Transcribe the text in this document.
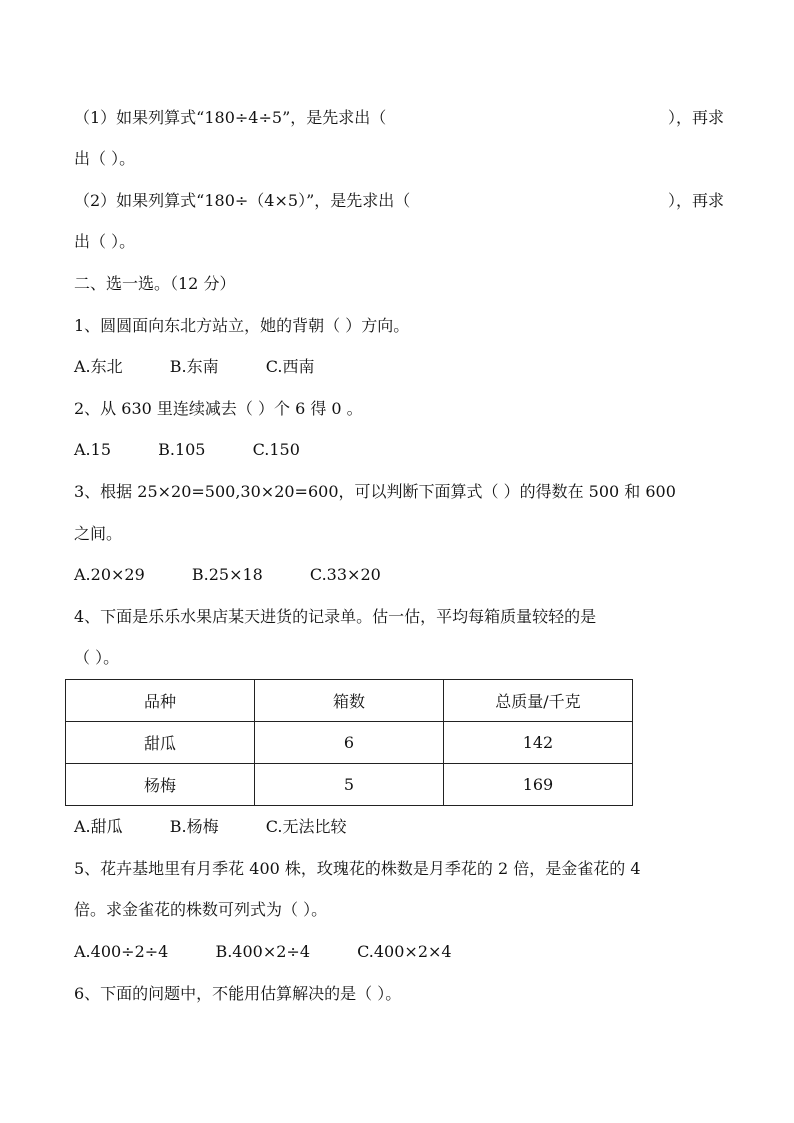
（1）如果列算式“180÷4÷5”，是先求出（	），再求
出（ ）。
（2）如果列算式“180÷（4×5）”，是先求出（	），再求
出（ ）。
二、选一选。（12 分）
1、圆圆面向东北方站立，她的背朝（ ）方向。
A.东北	B.东南	C.西南
2、从 630 里连续减去（ ）个 6 得 0 。
A.15	B.105	C.150
3、根据 25×20=500,30×20=600，可以判断下面算式（ ）的得数在 500 和 600
之间。
A.20×29	B.25×18	C.33×20
4、下面是乐乐水果店某天进货的记录单。估一估，平均每箱质量较轻的是
（ ）。
品种	箱数	总质量/千克
甜瓜	6	142
杨梅	5	169
A.甜瓜	B.杨梅	C.无法比较
5、花卉基地里有月季花 400 株，玫瑰花的株数是月季花的 2 倍，是金雀花的 4
倍。求金雀花的株数可列式为（ ）。
A.400÷2÷4	B.400×2÷4	C.400×2×4
6、下面的问题中，不能用估算解决的是（ ）。
